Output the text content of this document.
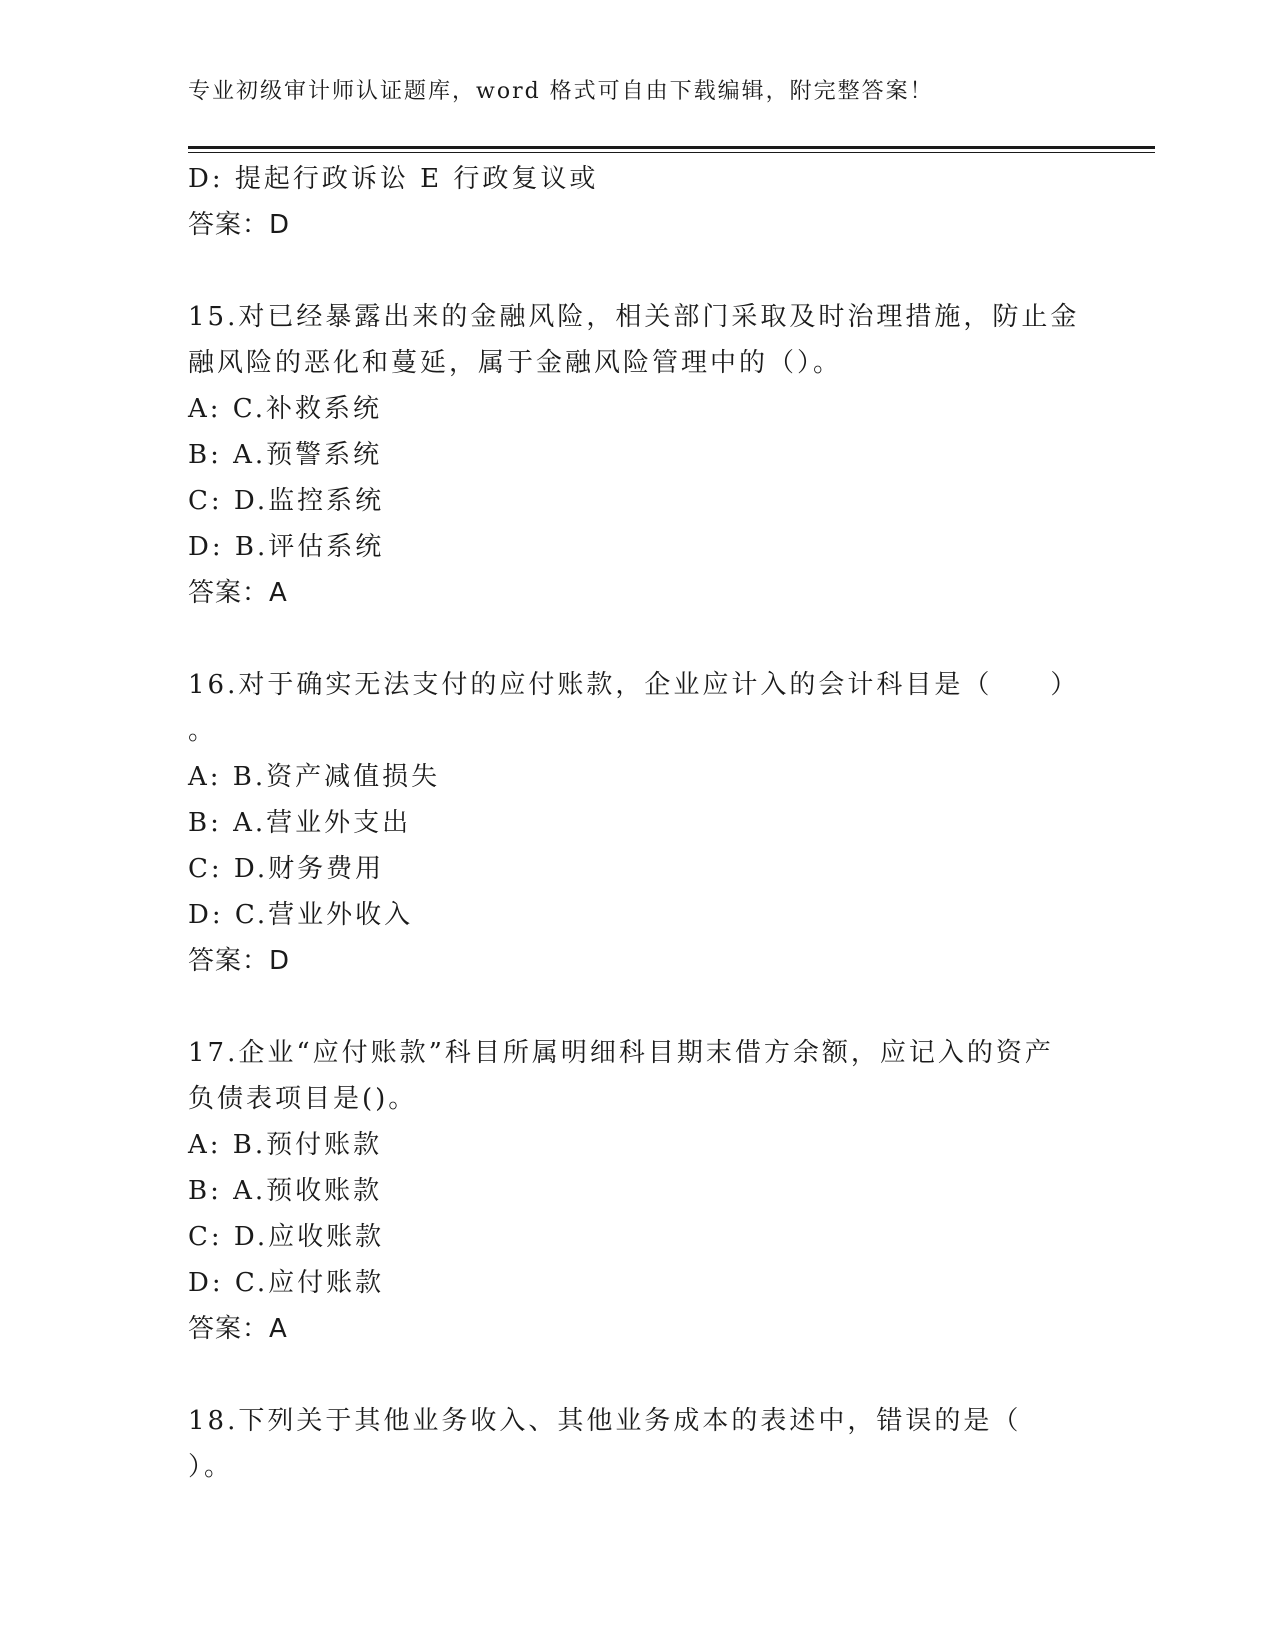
专业初级审计师认证题库，word 格式可自由下载编辑，附完整答案！
D: 提起行政诉讼 E 行政复议或
答案：D
15.对已经暴露出来的金融风险，相关部门采取及时治理措施，防止金
融风险的恶化和蔓延，属于金融风险管理中的（）。
A: C.补救系统
B: A.预警系统
C: D.监控系统
D: B.评估系统
答案：A
16.对于确实无法支付的应付账款，企业应计入的会计科目是（　　）
。
A: B.资产减值损失
B: A.营业外支出
C: D.财务费用
D: C.营业外收入
答案：D
17.企业“应付账款”科目所属明细科目期末借方余额，应记入的资产
负债表项目是()。
A: B.预付账款
B: A.预收账款
C: D.应收账款
D: C.应付账款
答案：A
18.下列关于其他业务收入、其他业务成本的表述中，错误的是（
）。
